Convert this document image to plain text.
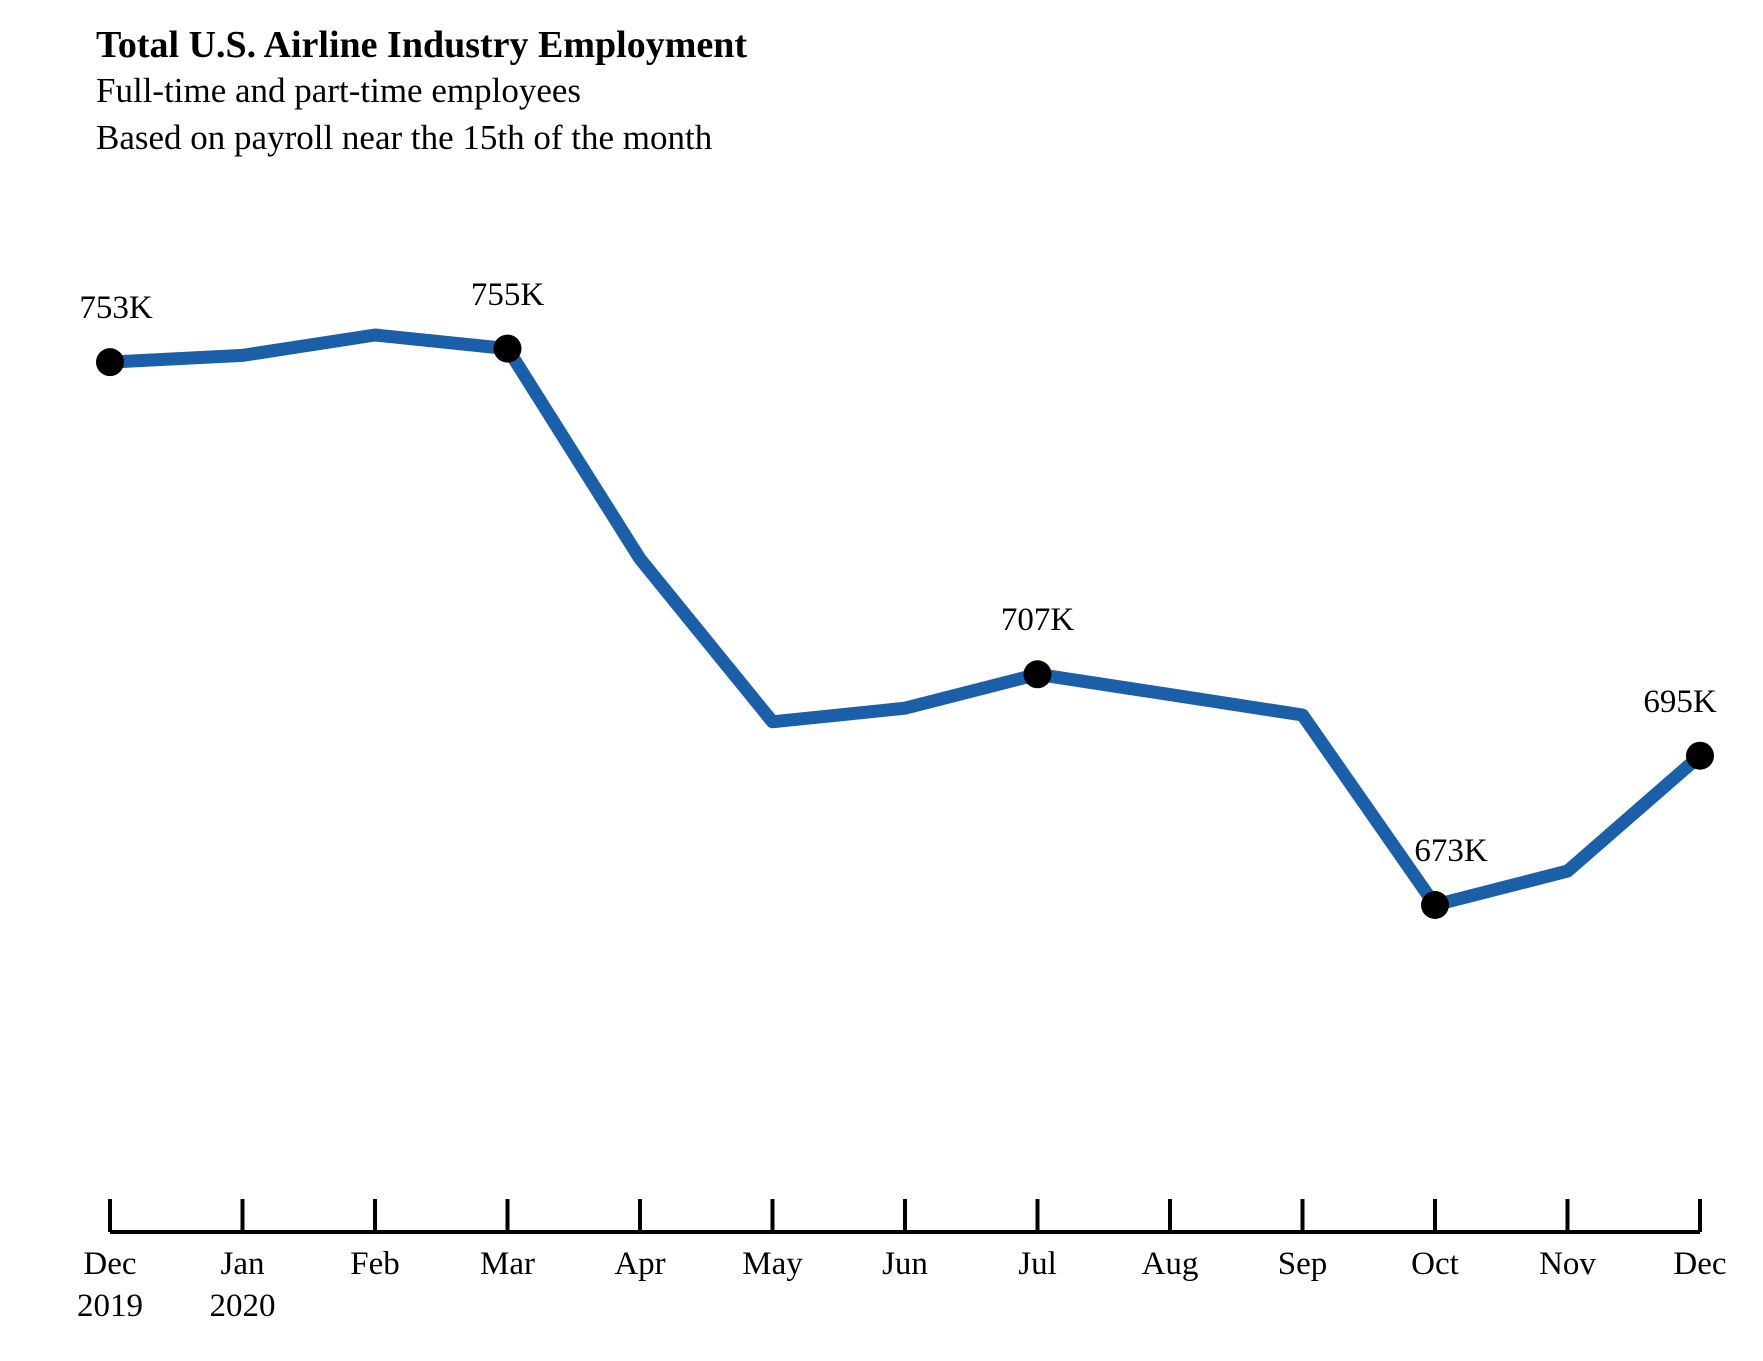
Total U.S. Airline Industry Employment
Full-time and part-time employees
Based on payroll near the 15th of the month
Dec
2019
Jan
2020
Feb Mar Apr May Jun	Jul	Aug Sep	Oct Nov Dec
753K	755K
707K
673K
695K
